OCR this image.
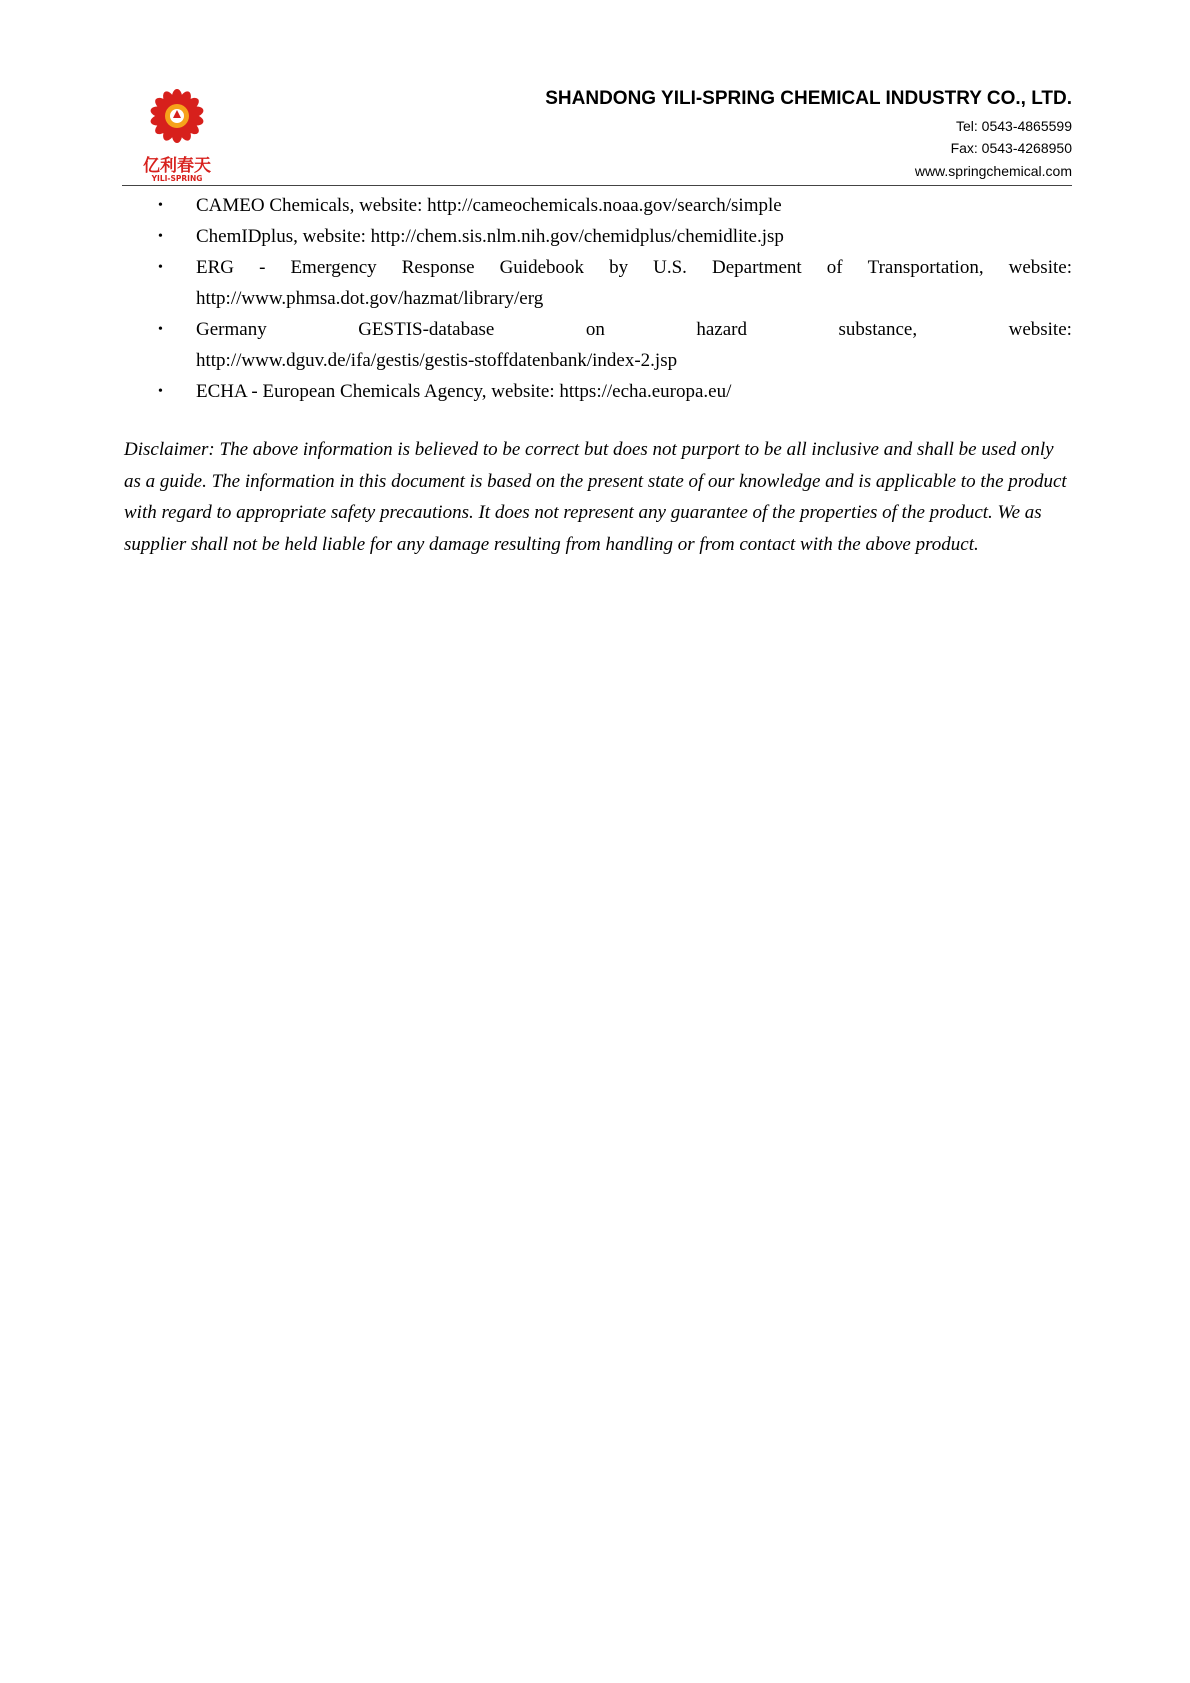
亿利春天
YILI-SPRING
SHANDONG YILI-SPRING CHEMICAL INDUSTRY CO., LTD.
Tel: 0543-4865599
Fax: 0543-4268950
www.springchemical.com
• CAMEO Chemicals, website: http://cameochemicals.noaa.gov/search/simple
• ChemIDplus, website: http://chem.sis.nlm.nih.gov/chemidplus/chemidlite.jsp
• ERG - Emergency Response Guidebook by U.S. Department of Transportation, website:
http://www.phmsa.dot.gov/hazmat/library/erg
• Germany	GESTIS-database	on	hazard	substance,	website:
http://www.dguv.de/ifa/gestis/gestis-stoffdatenbank/index-2.jsp
• ECHA - European Chemicals Agency, website: https://echa.europa.eu/

Disclaimer: The above information is believed to be correct but does not purport to be all inclusive and shall be used only as a guide. The information in this document is based on the present state of our knowledge and is applicable to the product with regard to appropriate safety precautions. It does not represent any guarantee of the properties of the product. We as supplier shall not be held liable for any damage resulting from handling or from contact with the above product.
